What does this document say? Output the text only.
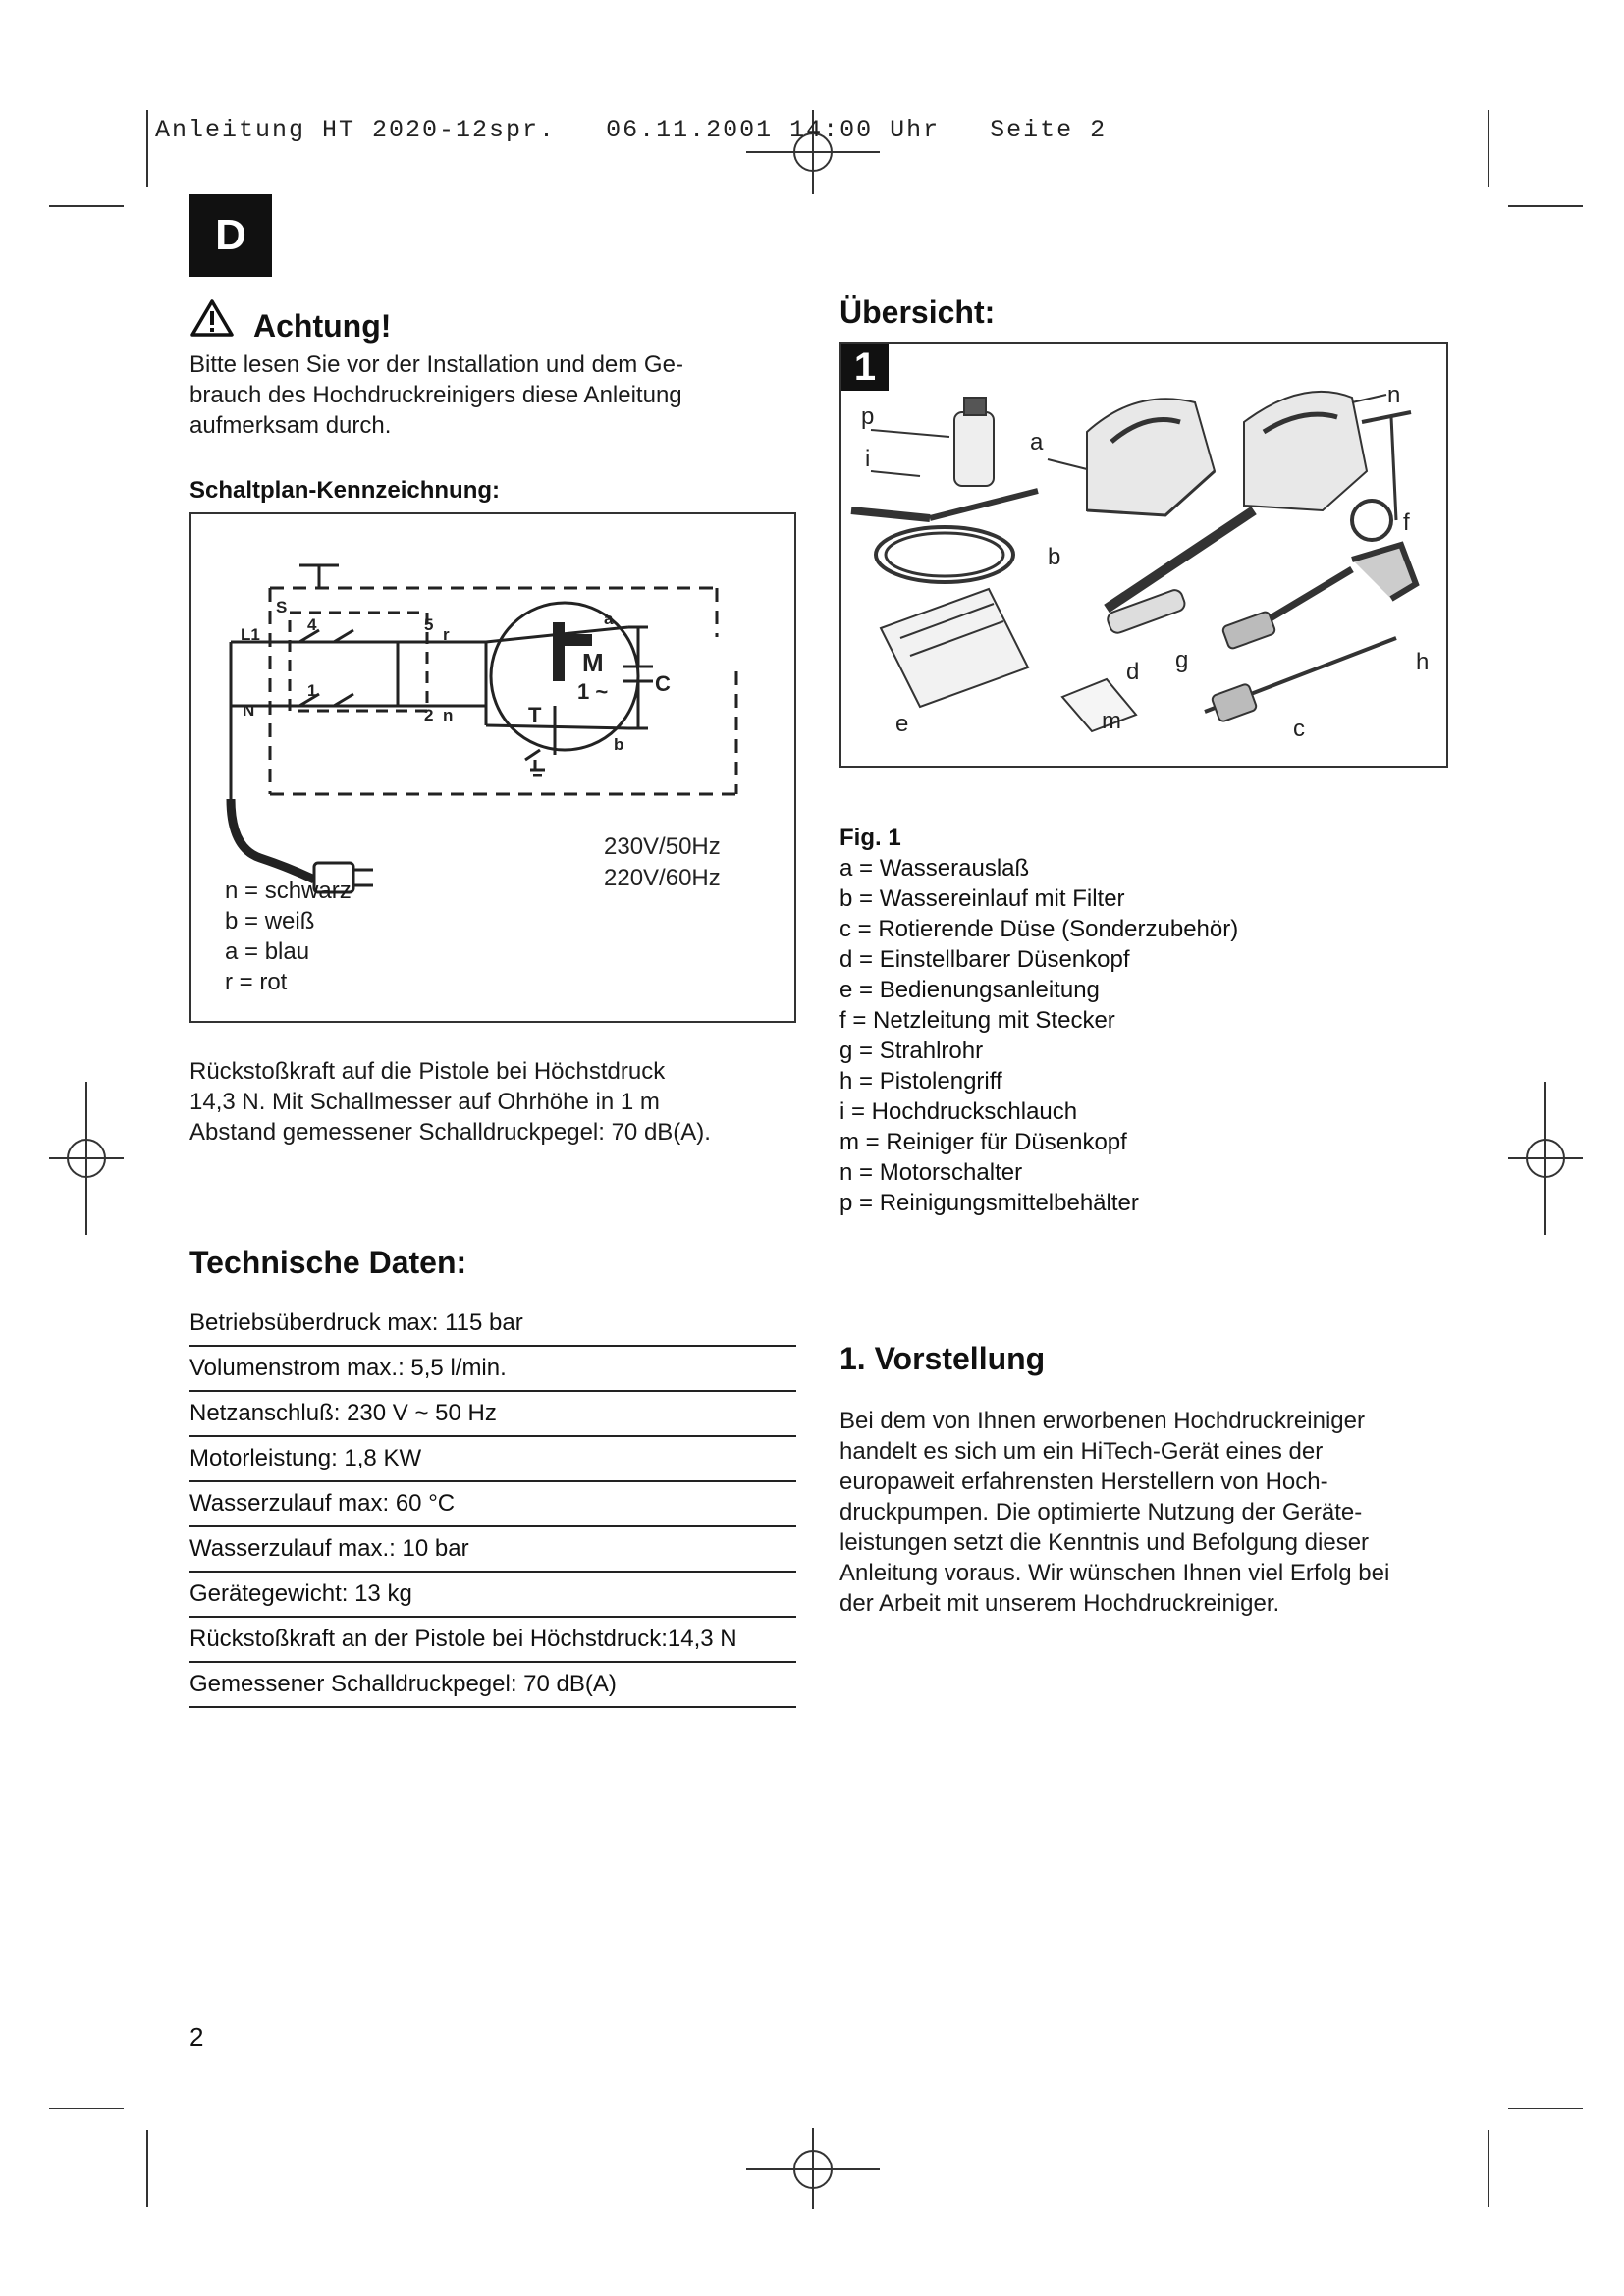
Anleitung HT 2020-12spr.   06.11.2001 14:00 Uhr   Seite 2
D
Achtung!
Bitte lesen Sie vor der Installation und dem Ge-
brauch des Hochdruckreinigers diese Anleitung
aufmerksam durch.
Schaltplan-Kennzeichnung:
L1
N
S
4	5
1
2
r
n
a
C
b
T
M
1 ~
230V/50Hz
220V/60Hz
n = schwarz
b = weiß
a = blau
r = rot
Rückstoßkraft auf die Pistole bei Höchstdruck
14,3 N. Mit Schallmesser auf Ohrhöhe in 1 m
Abstand gemessener Schalldruckpegel: 70 dB(A).
Technische Daten:
Betriebsüberdruck max: 115 bar
Volumenstrom max.: 5,5 l/min.
Netzanschluß: 230 V ~ 50 Hz
Motorleistung: 1,8 KW
Wasserzulauf max: 60 °C
Wasserzulauf max.: 10 bar
Gerätegewicht: 13 kg
Rückstoßkraft an der Pistole bei Höchstdruck:14,3 N
Gemessener Schalldruckpegel: 70 dB(A)
Übersicht:
1
p
i
a
b
n
f
h
d g
e	m	c
Fig. 1
a = Wasserauslaß
b = Wassereinlauf mit Filter
c = Rotierende Düse (Sonderzubehör)
d = Einstellbarer Düsenkopf
e = Bedienungsanleitung
f = Netzleitung mit Stecker
g = Strahlrohr
h = Pistolengriff
i = Hochdruckschlauch
m = Reiniger für Düsenkopf
n = Motorschalter
p = Reinigungsmittelbehälter
1. Vorstellung
Bei dem von Ihnen erworbenen Hochdruckreiniger
handelt es sich um ein HiTech-Gerät eines der
europaweit erfahrensten Herstellern von Hoch-
druckpumpen. Die optimierte Nutzung der Geräte-
leistungen setzt die Kenntnis und Befolgung dieser
Anleitung voraus. Wir wünschen Ihnen viel Erfolg bei
der Arbeit mit unserem Hochdruckreiniger.
2
